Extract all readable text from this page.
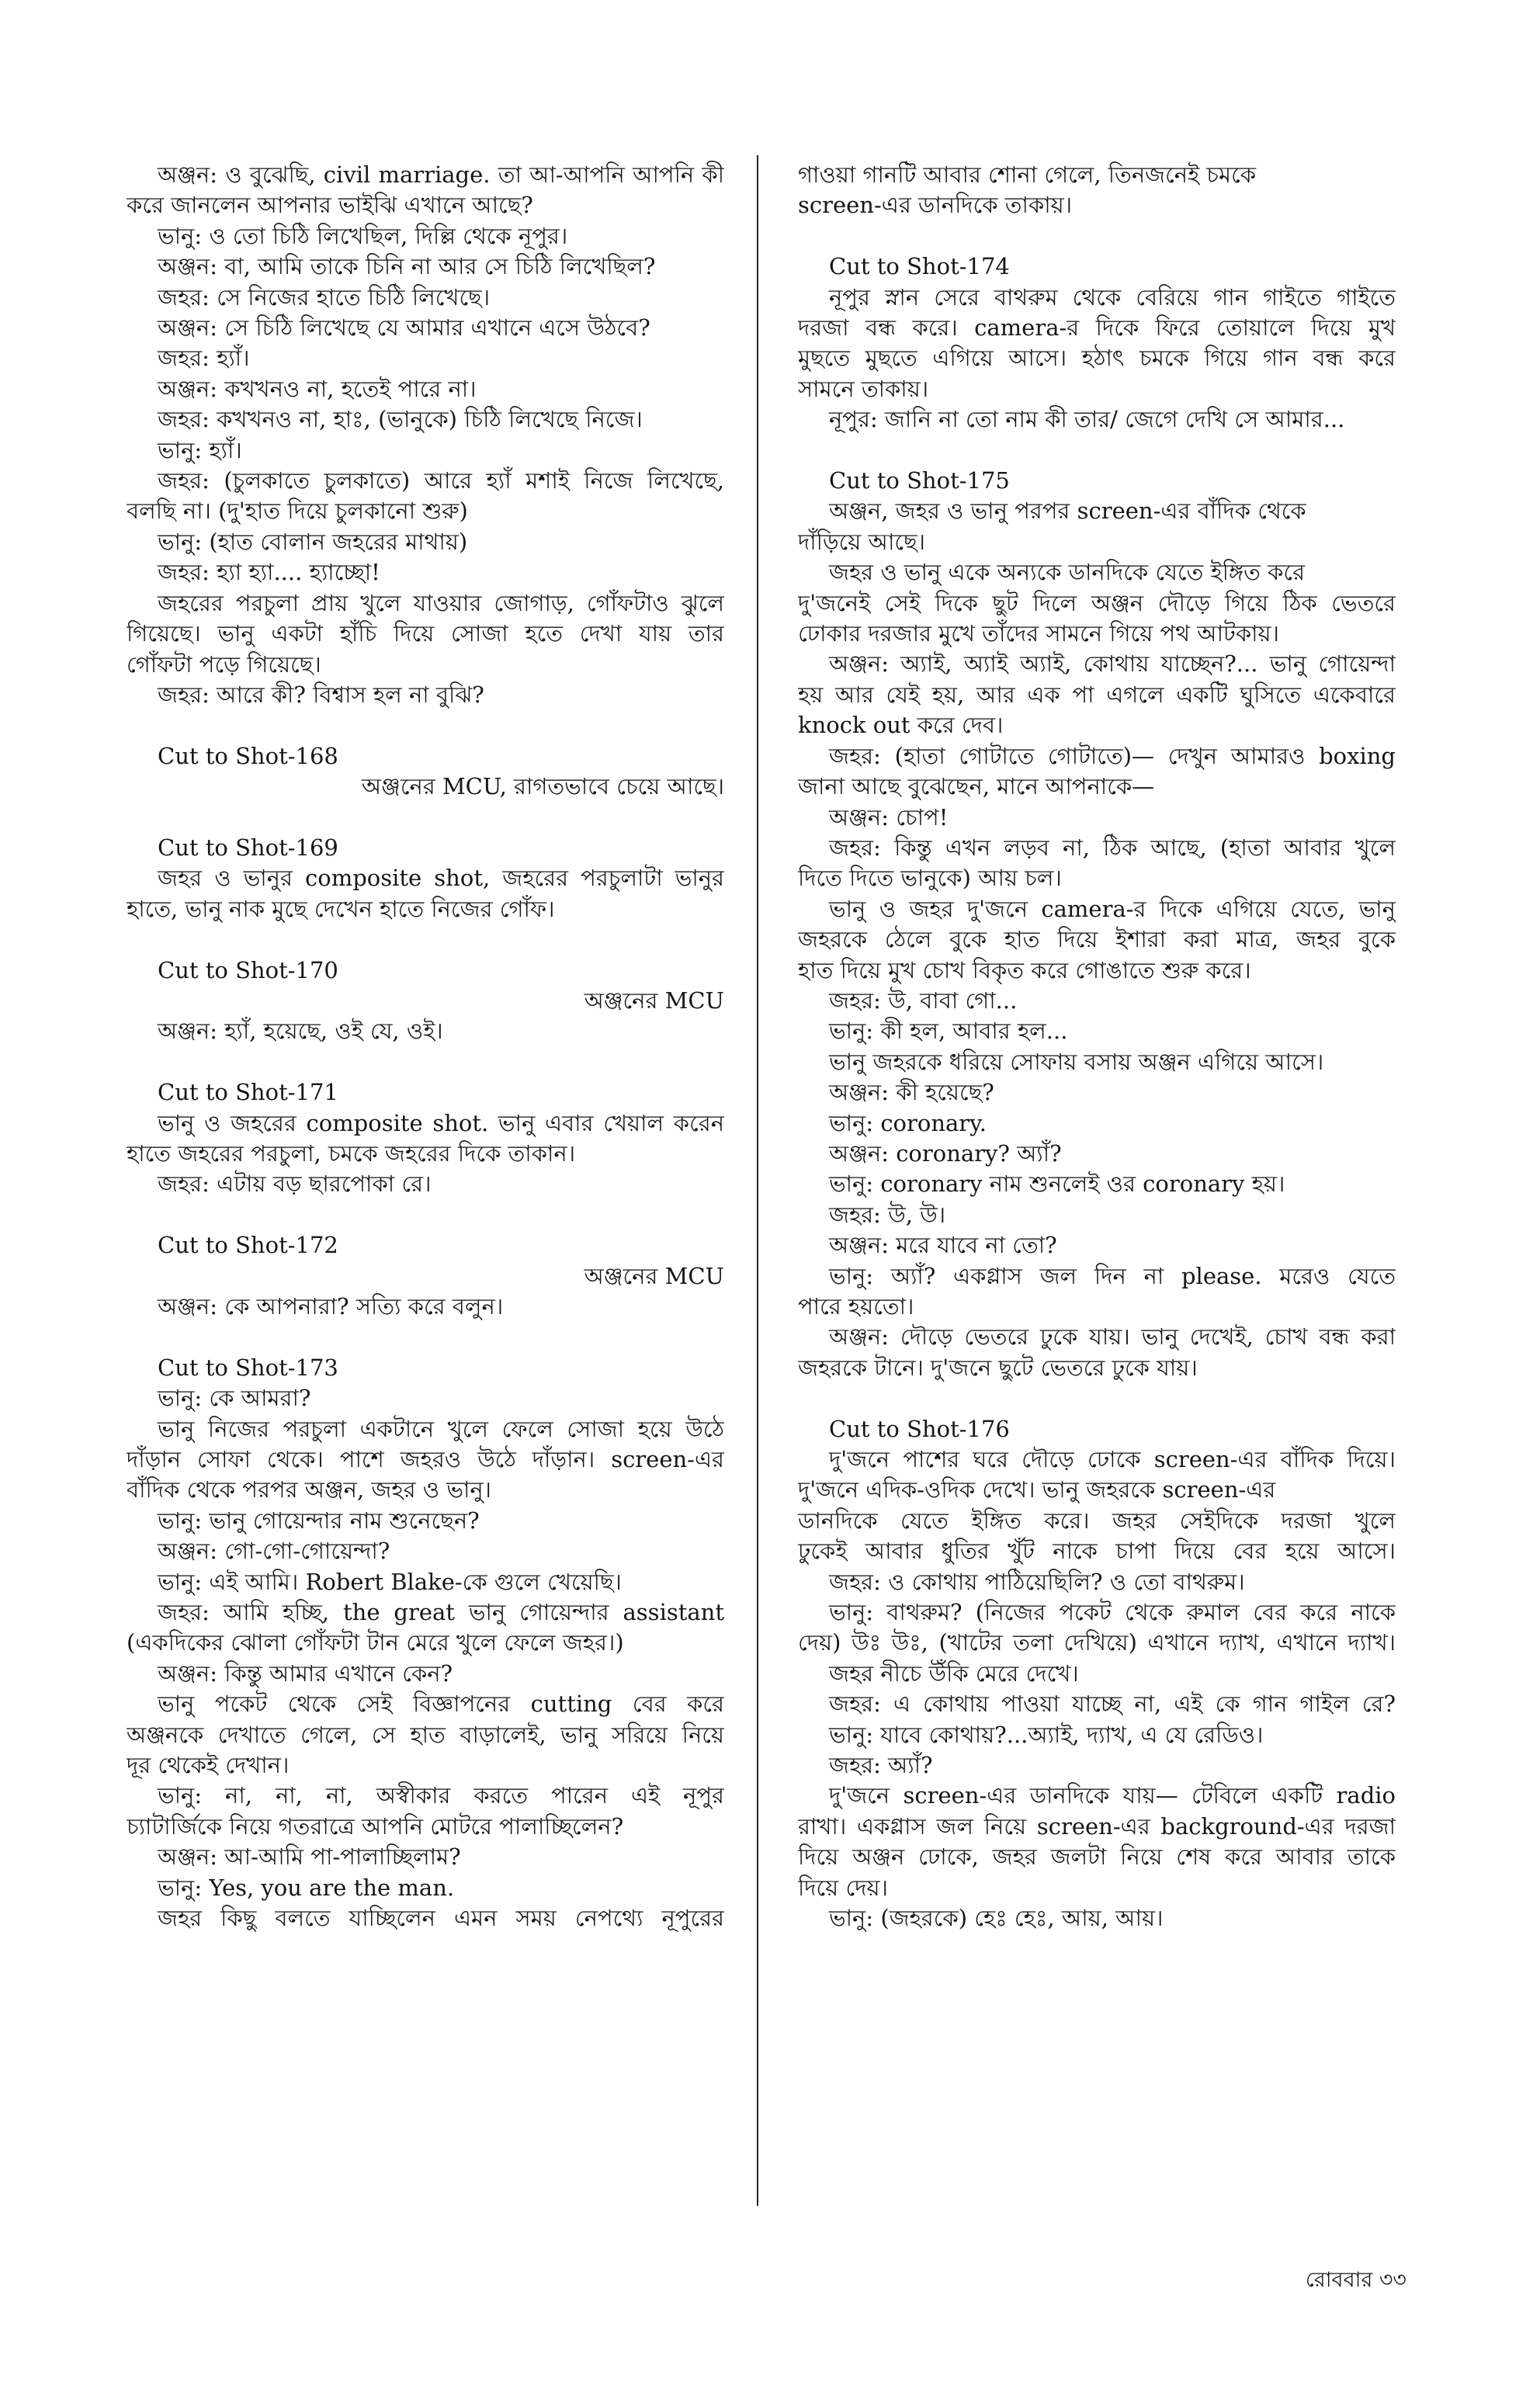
অঞ্জন: ও বুঝেছি, civil marriage. তা আ-আপনি আপনি কী
করে জানলেন আপনার ভাইঝি এখানে আছে?
ভানু: ও তো চিঠি লিখেছিল, দিল্লি থেকে নূপুর।
অঞ্জন: বা, আমি তাকে চিনি না আর সে চিঠি লিখেছিল?
জহর: সে নিজের হাতে চিঠি লিখেছে।
অঞ্জন: সে চিঠি লিখেছে যে আমার এখানে এসে উঠবে?
জহর: হ্যাঁ।
অঞ্জন: কখখনও না, হতেই পারে না।
জহর: কখখনও না, হাঃ, (ভানুকে) চিঠি লিখেছে নিজে।
ভানু: হ্যাঁ।
জহর: (চুলকাতে চুলকাতে) আরে হ্যাঁ মশাই নিজে লিখেছে,
বলছি না। (দু'হাত দিয়ে চুলকানো শুরু)
ভানু: (হাত বোলান জহরের মাথায়)
জহর: হ্যা হ্যা.... হ্যাচ্ছো!
জহরের পরচুলা প্রায় খুলে যাওয়ার জোগাড়, গোঁফটাও ঝুলে
গিয়েছে। ভানু একটা হাঁচি দিয়ে সোজা হতে দেখা যায় তার
গোঁফটা পড়ে গিয়েছে।
জহর: আরে কী? বিশ্বাস হল না বুঝি?
Cut to Shot-168
অঞ্জনের MCU, রাগতভাবে চেয়ে আছে।
Cut to Shot-169
জহর ও ভানুর composite shot, জহরের পরচুলাটা ভানুর
হাতে, ভানু নাক মুছে দেখেন হাতে নিজের গোঁফ।
Cut to Shot-170
অঞ্জনের MCU
অঞ্জন: হ্যাঁ, হয়েছে, ওই যে, ওই।
Cut to Shot-171
ভানু ও জহরের composite shot. ভানু এবার খেয়াল করেন
হাতে জহরের পরচুলা, চমকে জহরের দিকে তাকান।
জহর: এটায় বড় ছারপোকা রে।
Cut to Shot-172
অঞ্জনের MCU
অঞ্জন: কে আপনারা? সত্যি করে বলুন।
Cut to Shot-173
ভানু: কে আমরা?
ভানু নিজের পরচুলা একটানে খুলে ফেলে সোজা হয়ে উঠে
দাঁড়ান সোফা থেকে। পাশে জহরও উঠে দাঁড়ান। screen-এর
বাঁদিক থেকে পরপর অঞ্জন, জহর ও ভানু।
ভানু: ভানু গোয়েন্দার নাম শুনেছেন?
অঞ্জন: গো-গো-গোয়েন্দা?
ভানু: এই আমি। Robert Blake-কে গুলে খেয়েছি।
জহর: আমি হচ্ছি, the great ভানু গোয়েন্দার assistant
(একদিকের ঝোলা গোঁফটা টান মেরে খুলে ফেলে জহর।)
অঞ্জন: কিন্তু আমার এখানে কেন?
ভানু পকেট থেকে সেই বিজ্ঞাপনের cutting বের করে
অঞ্জনকে দেখাতে গেলে, সে হাত বাড়ালেই, ভানু সরিয়ে নিয়ে
দূর থেকেই দেখান।
ভানু: না, না, না, অস্বীকার করতে পারেন এই নূপুর
চ্যাটার্জিকে নিয়ে গতরাত্রে আপনি মোটরে পালাচ্ছিলেন?
অঞ্জন: আ-আমি পা-পালাচ্ছিলাম?
ভানু: Yes, you are the man.
জহর কিছু বলতে যাচ্ছিলেন এমন সময় নেপথ্যে নূপুরের
গাওয়া গানটি আবার শোনা গেলে, তিনজনেই চমকে
screen-এর ডানদিকে তাকায়।
Cut to Shot-174
নূপুর স্নান সেরে বাথরুম থেকে বেরিয়ে গান গাইতে গাইতে
দরজা বন্ধ করে। camera-র দিকে ফিরে তোয়ালে দিয়ে মুখ
মুছতে মুছতে এগিয়ে আসে। হঠাৎ চমকে গিয়ে গান বন্ধ করে
সামনে তাকায়।
নূপুর: জানি না তো নাম কী তার/ জেগে দেখি সে আমার...
Cut to Shot-175
অঞ্জন, জহর ও ভানু পরপর screen-এর বাঁদিক থেকে
দাঁড়িয়ে আছে।
জহর ও ভানু একে অন্যকে ডানদিকে যেতে ইঙ্গিত করে
দু'জনেই সেই দিকে ছুট দিলে অঞ্জন দৌড়ে গিয়ে ঠিক ভেতরে
ঢোকার দরজার মুখে তাঁদের সামনে গিয়ে পথ আটকায়।
অঞ্জন: অ্যাই, অ্যাই অ্যাই, কোথায় যাচ্ছেন?... ভানু গোয়েন্দা
হয় আর যেই হয়, আর এক পা এগলে একটি ঘুসিতে একেবারে
knock out করে দেব।
জহর: (হাতা গোটাতে গোটাতে)— দেখুন আমারও boxing
জানা আছে বুঝেছেন, মানে আপনাকে—
অঞ্জন: চোপ!
জহর: কিন্তু এখন লড়ব না, ঠিক আছে, (হাতা আবার খুলে
দিতে দিতে ভানুকে) আয় চল।
ভানু ও জহর দু'জনে camera-র দিকে এগিয়ে যেতে, ভানু
জহরকে ঠেলে বুকে হাত দিয়ে ইশারা করা মাত্র, জহর বুকে
হাত দিয়ে মুখ চোখ বিকৃত করে গোঙাতে শুরু করে।
জহর: উ, বাবা গো...
ভানু: কী হল, আবার হল...
ভানু জহরকে ধরিয়ে সোফায় বসায় অঞ্জন এগিয়ে আসে।
অঞ্জন: কী হয়েছে?
ভানু: coronary.
অঞ্জন: coronary? অ্যাঁ?
ভানু: coronary নাম শুনলেই ওর coronary হয়।
জহর: উ, উ।
অঞ্জন: মরে যাবে না তো?
ভানু: অ্যাঁ? একগ্লাস জল দিন না please. মরেও যেতে
পারে হয়তো।
অঞ্জন: দৌড়ে ভেতরে ঢুকে যায়। ভানু দেখেই, চোখ বন্ধ করা
জহরকে টানে। দু'জনে ছুটে ভেতরে ঢুকে যায়।
Cut to Shot-176
দু'জনে পাশের ঘরে দৌড়ে ঢোকে screen-এর বাঁদিক দিয়ে।
দু'জনে এদিক-ওদিক দেখে। ভানু জহরকে screen-এর
ডানদিকে যেতে ইঙ্গিত করে। জহর সেইদিকে দরজা খুলে
ঢুকেই আবার ধুতির খুঁট নাকে চাপা দিয়ে বের হয়ে আসে।
জহর: ও কোথায় পাঠিয়েছিলি? ও তো বাথরুম।
ভানু: বাথরুম? (নিজের পকেট থেকে রুমাল বের করে নাকে
দেয়) উঃ উঃ, (খাটের তলা দেখিয়ে) এখানে দ্যাখ, এখানে দ্যাখ।
জহর নীচে উঁকি মেরে দেখে।
জহর: এ কোথায় পাওয়া যাচ্ছে না, এই কে গান গাইল রে?
ভানু: যাবে কোথায়?...অ্যাই, দ্যাখ, এ যে রেডিও।
জহর: অ্যাঁ?
দু'জনে screen-এর ডানদিকে যায়— টেবিলে একটি radio
রাখা। একগ্লাস জল নিয়ে screen-এর background-এর দরজা
দিয়ে অঞ্জন ঢোকে, জহর জলটা নিয়ে শেষ করে আবার তাকে
দিয়ে দেয়।
ভানু: (জহরকে) হেঃ হেঃ, আয়, আয়।
রোববার ৩৩
